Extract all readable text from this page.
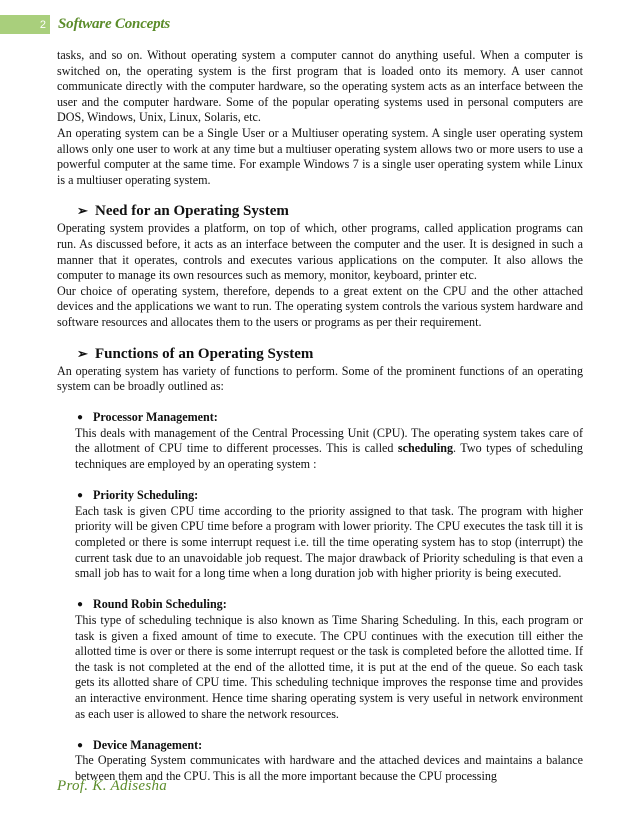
2 Software Concepts

tasks, and so on. Without operating system a computer cannot do anything useful. When a computer is switched on, the operating system is the first program that is loaded onto its memory. A user cannot communicate directly with the computer hardware, so the operating system acts as an interface between the user and the computer hardware. Some of the popular operating systems used in personal computers are DOS, Windows, Unix, Linux, Solaris, etc.

An operating system can be a Single User or a Multiuser operating system. A single user operating system allows only one user to work at any time but a multiuser operating system allows two or more users to use a powerful computer at the same time. For example Windows 7 is a single user operating system while Linux is a multiuser operating system.

➢ Need for an Operating System

Operating system provides a platform, on top of which, other programs, called application programs can run. As discussed before, it acts as an interface between the computer and the user. It is designed in such a manner that it operates, controls and executes various applications on the computer. It also allows the computer to manage its own resources such as memory, monitor, keyboard, printer etc.

Our choice of operating system, therefore, depends to a great extent on the CPU and the other attached devices and the applications we want to run. The operating system controls the various system hardware and software resources and allocates them to the users or programs as per their requirement.

➢ Functions of an Operating System

An operating system has variety of functions to perform. Some of the prominent functions of an operating system can be broadly outlined as:

● Processor Management:

This deals with management of the Central Processing Unit (CPU). The operating system takes care of the allotment of CPU time to different processes. This is called scheduling. Two types of scheduling techniques are employed by an operating system :

● Priority Scheduling:

Each task is given CPU time according to the priority assigned to that task. The program with higher priority will be given CPU time before a program with lower priority. The CPU executes the task till it is completed or there is some interrupt request i.e. till the time operating system has to stop (interrupt) the current task due to an unavoidable job request. The major drawback of Priority scheduling is that even a small job has to wait for a long time when a long duration job with higher priority is being executed.

● Round Robin Scheduling:

This type of scheduling technique is also known as Time Sharing Scheduling. In this, each program or task is given a fixed amount of time to execute. The CPU continues with the execution till either the allotted time is over or there is some interrupt request or the task is completed before the allotted time. If the task is not completed at the end of the allotted time, it is put at the end of the queue. So each task gets its allotted share of CPU time. This scheduling technique improves the response time and provides an interactive environment. Hence time sharing operating system is very useful in network environment as each user is allowed to share the network resources.

● Device Management:

The Operating System communicates with hardware and the attached devices and maintains a balance between them and the CPU. This is all the more important because the CPU processing

Prof. K. Adisesha
